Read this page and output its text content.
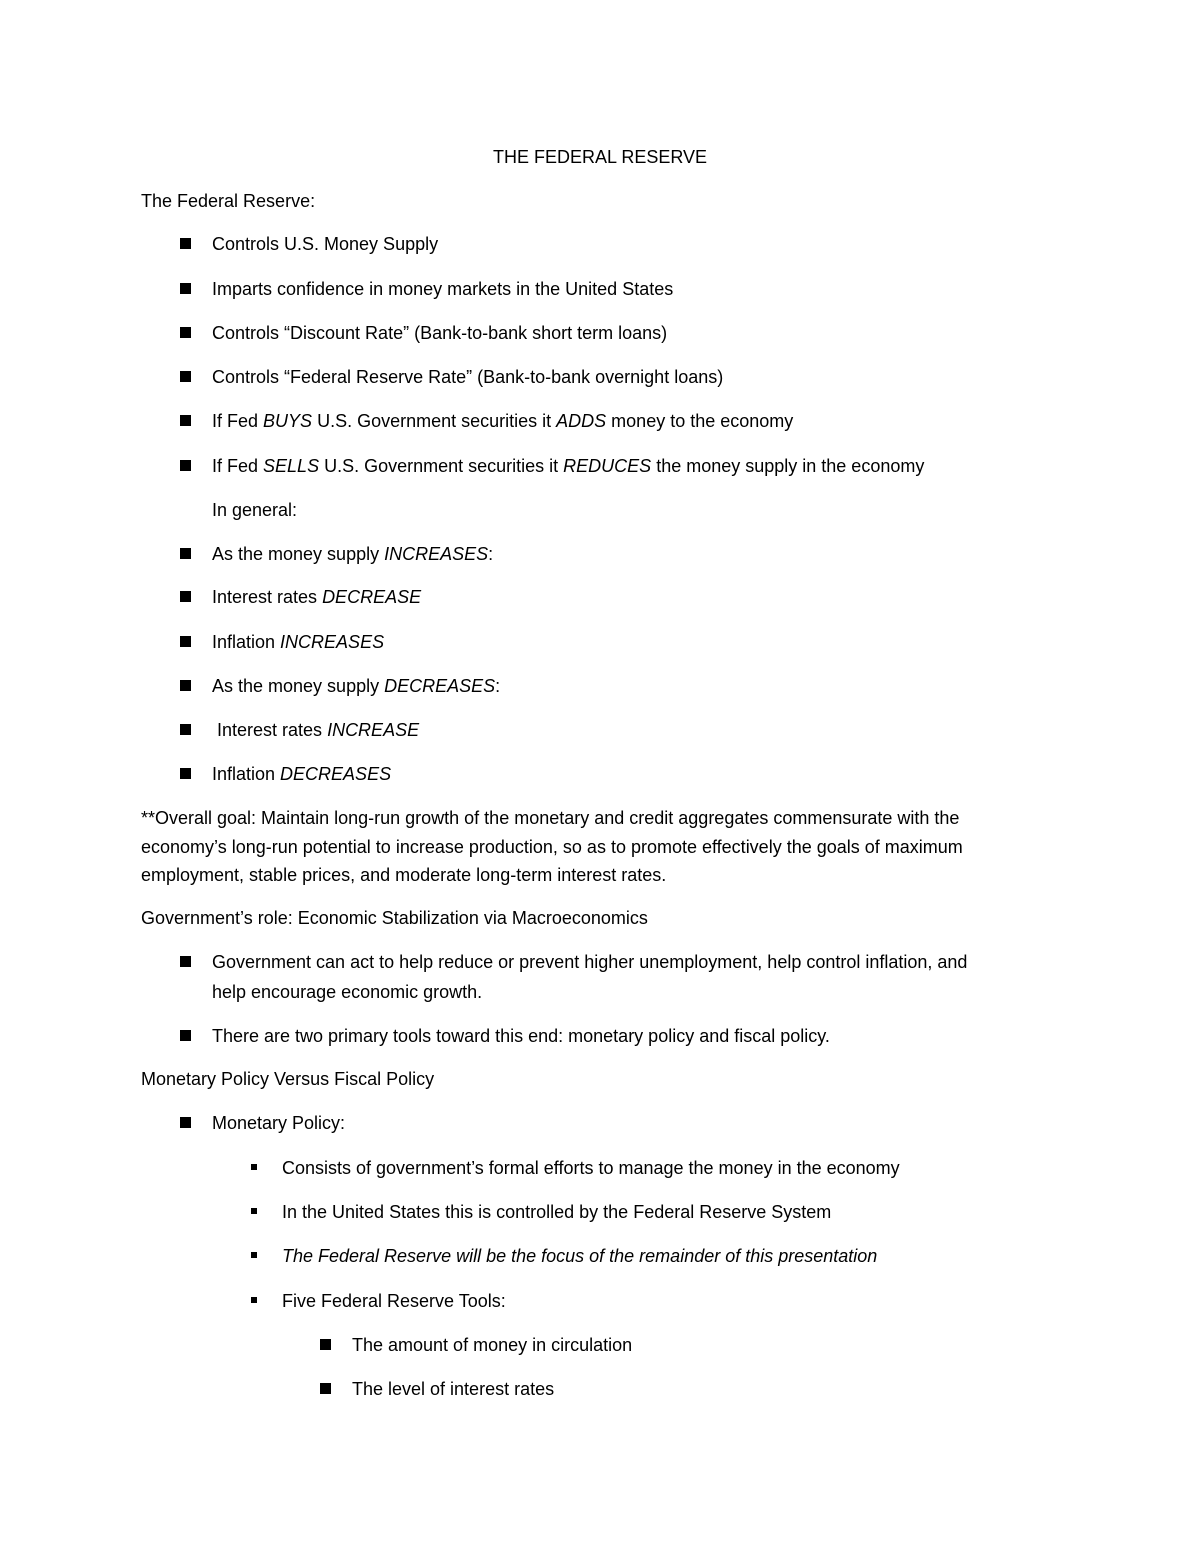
THE FEDERAL RESERVE
The Federal Reserve:
Controls U.S. Money Supply
Imparts confidence in money markets in the United States
Controls “Discount Rate” (Bank-to-bank short term loans)
Controls “Federal Reserve Rate” (Bank-to-bank overnight loans)
If Fed BUYS U.S. Government securities it ADDS money to the economy
If Fed SELLS U.S. Government securities it REDUCES the money supply in the economy
In general:
As the money supply INCREASES:
Interest rates DECREASE
Inflation INCREASES
As the money supply DECREASES:
Interest rates INCREASE
Inflation DECREASES
**Overall goal: Maintain long-run growth of the monetary and credit aggregates commensurate with the
economy’s long-run potential to increase production, so as to promote effectively the goals of maximum
employment, stable prices, and moderate long-term interest rates.
Government’s role: Economic Stabilization via Macroeconomics
Government can act to help reduce or prevent higher unemployment, help control inflation, and
help encourage economic growth.
There are two primary tools toward this end: monetary policy and fiscal policy.
Monetary Policy Versus Fiscal Policy
Monetary Policy:
Consists of government’s formal efforts to manage the money in the economy
In the United States this is controlled by the Federal Reserve System
The Federal Reserve will be the focus of the remainder of this presentation
Five Federal Reserve Tools:
The amount of money in circulation
The level of interest rates
